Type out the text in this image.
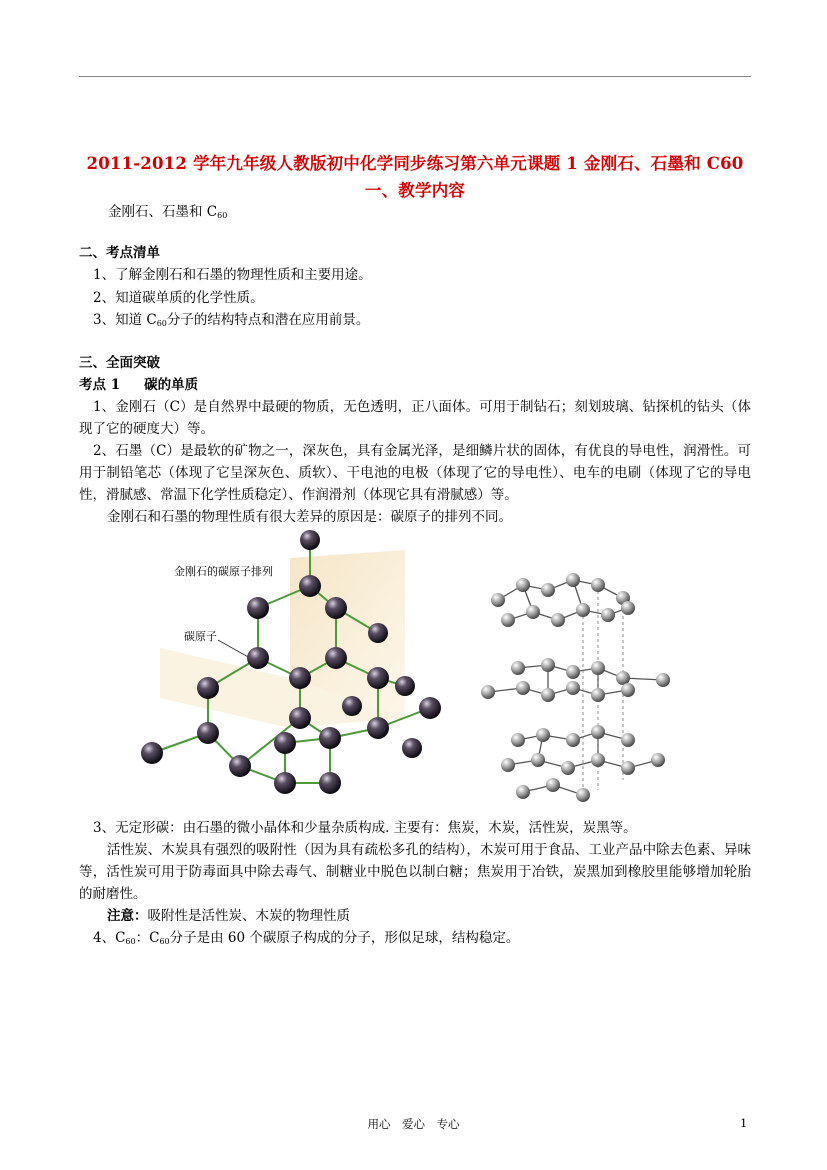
2011-2012 学年九年级人教版初中化学同步练习第六单元课题 1 金刚石、石墨和 C60 一、教学内容
金刚石、石墨和 $C_{60}$
二、考点清单
1、了解金刚石和石墨的物理性质和主要用途。
2、知道碳单质的化学性质。
3、知道 $C_{60}$分子的结构特点和潜在应用前景。
三、全面突破
考点 1 碳的单质
1、金刚石（C）是自然界中最硬的物质，无色透明，正八面体。可用于制钻石；刻划玻璃、钻探机的钻头（体现了它的硬度大）等。
2、石墨（C）是最软的矿物之一，深灰色，具有金属光泽，是细鳞片状的固体，有优良的导电性，润滑性。可用于制铅笔芯（体现了它呈深灰色、质软）、干电池的电极（体现了它的导电性）、电车的电刷（体现了它的导电性，滑腻感、常温下化学性质稳定）、作润滑剂（体现它具有滑腻感）等。
金刚石和石墨的物理性质有很大差异的原因是：碳原子的排列不同。
金刚石的碳原子排列
碳原子
3、无定形碳：由石墨的微小晶体和少量杂质构成. 主要有：焦炭，木炭，活性炭，炭黑等。
活性炭、木炭具有强烈的吸附性（因为具有疏松多孔的结构），木炭可用于食品、工业产品中除去色素、异味等，活性炭可用于防毒面具中除去毒气、制糖业中脱色以制白糖；焦炭用于冶铁，炭黑加到橡胶里能够增加轮胎的耐磨性。
注意：吸附性是活性炭、木炭的物理性质
4、$C_{60}$：$C_{60}$分子是由 60 个碳原子构成的分子，形似足球，结构稳定。
用心　爱心　专心	1
